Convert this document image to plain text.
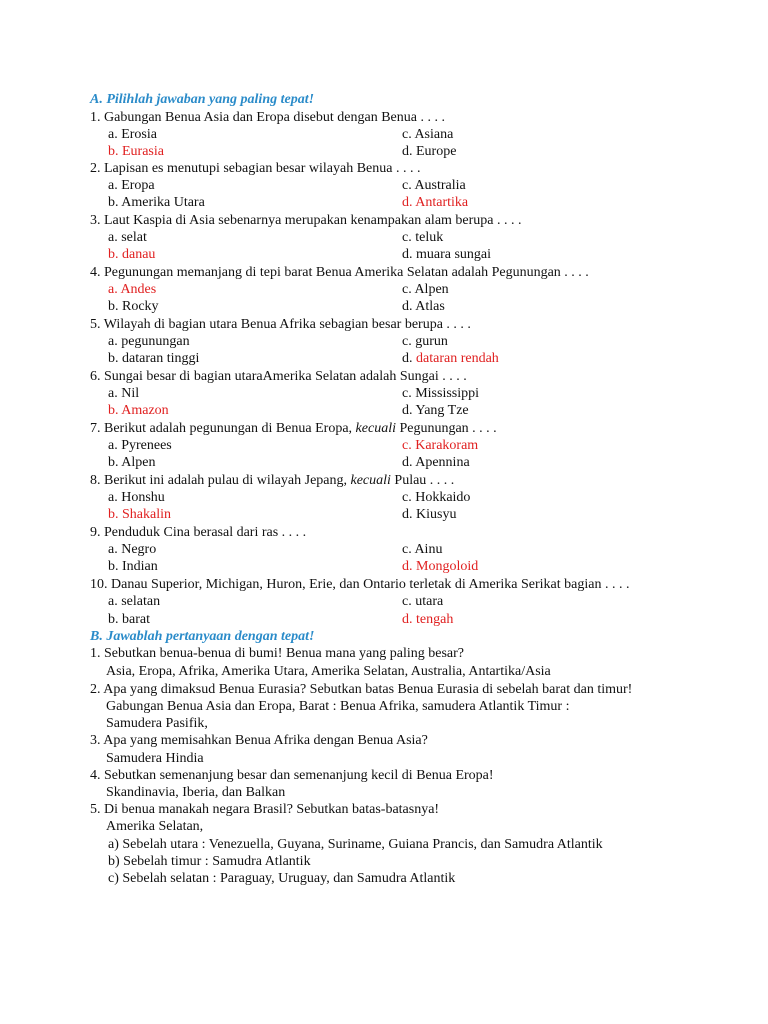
A. Pilihlah jawaban yang paling tepat!
1. Gabungan Benua Asia dan Eropa disebut dengan Benua . . . .
a. Erosia	c. Asiana
b. Eurasia	d. Europe
2. Lapisan es menutupi sebagian besar wilayah Benua . . . .
a. Eropa	c. Australia
b. Amerika Utara	d. Antartika
3. Laut Kaspia di Asia sebenarnya merupakan kenampakan alam berupa . . . .
a. selat	c. teluk
b. danau	d. muara sungai
4. Pegunungan memanjang di tepi barat Benua Amerika Selatan adalah Pegunungan . . . .
a. Andes	c. Alpen
b. Rocky	d. Atlas
5. Wilayah di bagian utara Benua Afrika sebagian besar berupa . . . .
a. pegunungan	c. gurun
b. dataran tinggi	d. dataran rendah
6. Sungai besar di bagian utaraAmerika Selatan adalah Sungai . . . .
a. Nil	c. Mississippi
b. Amazon	d. Yang Tze
7. Berikut adalah pegunungan di Benua Eropa, kecuali Pegunungan . . . .
a. Pyrenees	c. Karakoram
b. Alpen	d. Apennina
8. Berikut ini adalah pulau di wilayah Jepang, kecuali Pulau . . . .
a. Honshu	c. Hokkaido
b. Shakalin	d. Kiusyu
9. Penduduk Cina berasal dari ras . . . .
a. Negro	c. Ainu
b. Indian	d. Mongoloid
10. Danau Superior, Michigan, Huron, Erie, dan Ontario terletak di Amerika Serikat bagian . . . .
a. selatan	c. utara
b. barat	d. tengah
B. Jawablah pertanyaan dengan tepat!
1. Sebutkan benua-benua di bumi! Benua mana yang paling besar?
Asia, Eropa, Afrika, Amerika Utara, Amerika Selatan, Australia, Antartika/Asia
2. Apa yang dimaksud Benua Eurasia? Sebutkan batas Benua Eurasia di sebelah barat dan timur!
Gabungan Benua Asia dan Eropa, Barat : Benua Afrika, samudera Atlantik Timur :
Samudera Pasifik,
3. Apa yang memisahkan Benua Afrika dengan Benua Asia?
Samudera Hindia
4. Sebutkan semenanjung besar dan semenanjung kecil di Benua Eropa!
Skandinavia, Iberia, dan Balkan
5. Di benua manakah negara Brasil? Sebutkan batas-batasnya!
Amerika Selatan,
a) Sebelah utara : Venezuella, Guyana, Suriname, Guiana Prancis, dan Samudra Atlantik
b) Sebelah timur : Samudra Atlantik
c) Sebelah selatan : Paraguay, Uruguay, dan Samudra Atlantik
